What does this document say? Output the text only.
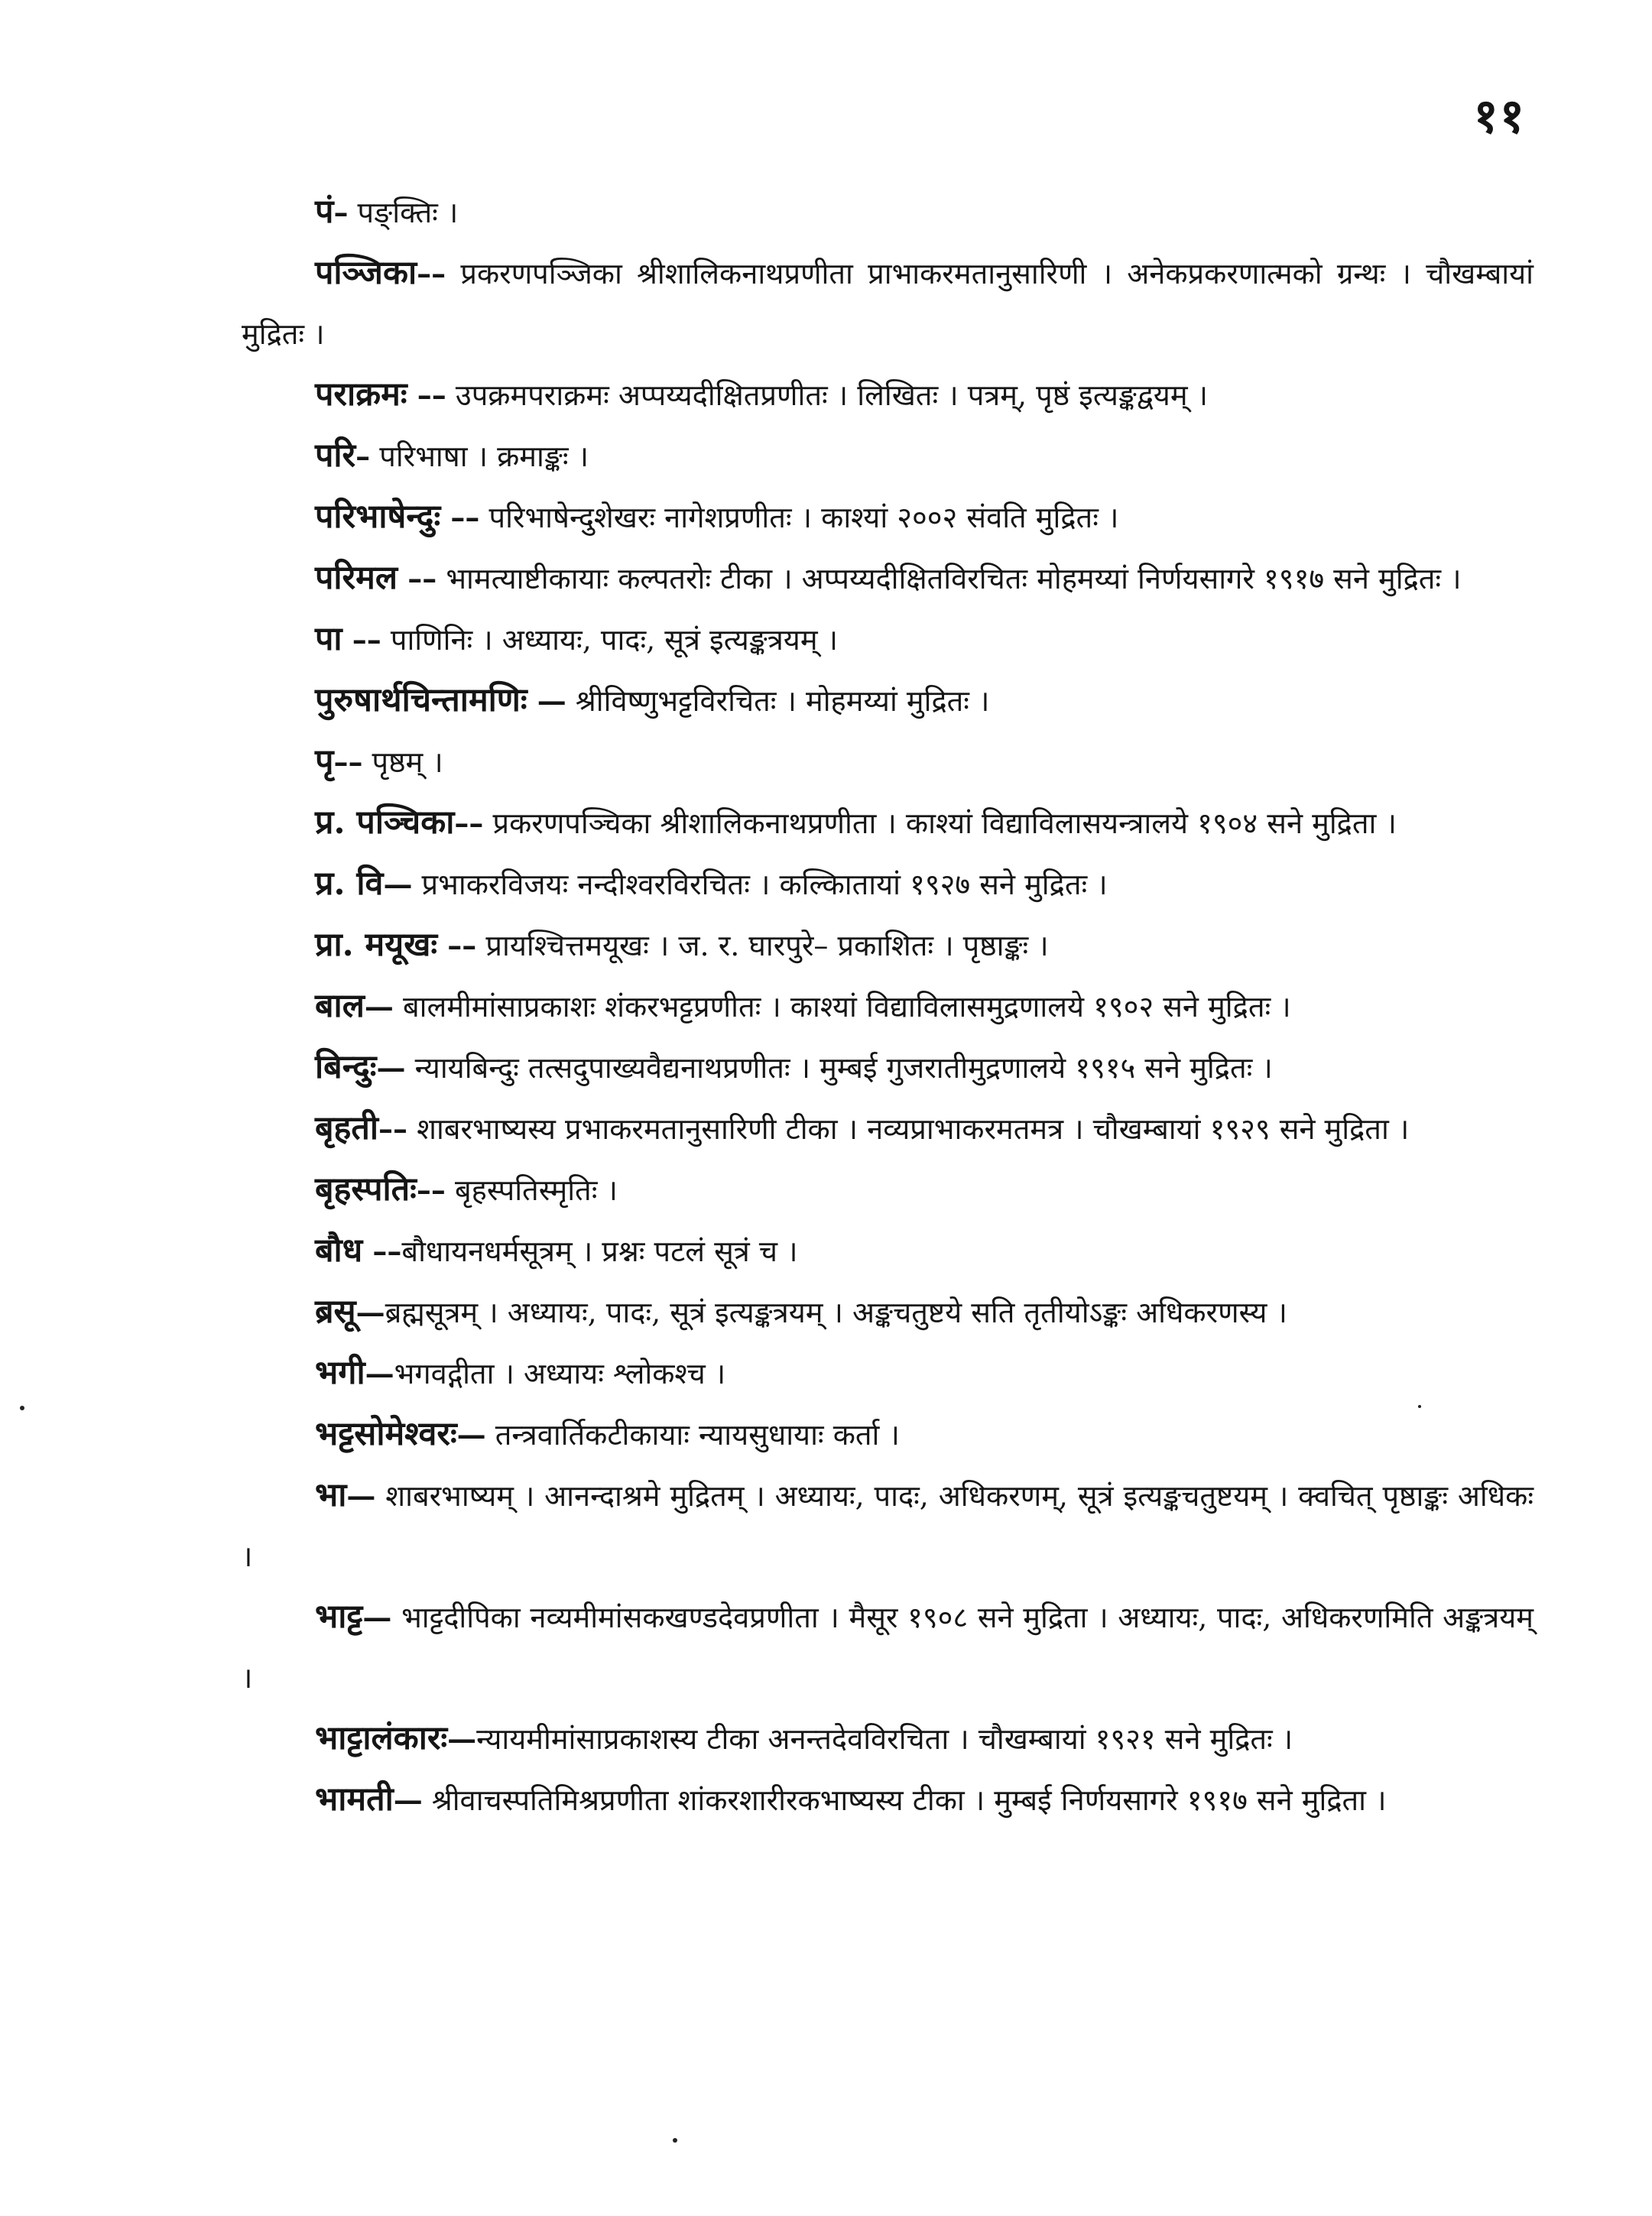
११
पं– पङ्क्तिः ।
पञ्जिका–– प्रकरणपञ्जिका श्रीशालिकनाथप्रणीता प्राभाकरमतानुसारिणी । अनेकप्रकरणात्मको ग्रन्थः । चौखम्बायां मुद्रितः ।
पराक्रमः –– उपक्रमपराक्रमः अप्पय्यदीक्षितप्रणीतः । लिखितः । पत्रम्, पृष्ठं इत्यङ्कद्वयम् ।
परि– परिभाषा । क्रमाङ्कः ।
परिभाषेन्दुः –– परिभाषेन्दुशेखरः नागेशप्रणीतः । काश्यां २००२ संवति मुद्रितः ।
परिमल –– भामत्याष्टीकायाः कल्पतरोः टीका । अप्पय्यदीक्षितविरचितः मोहमय्यां निर्णयसागरे १९१७ सने मुद्रितः ।
पा –– पाणिनिः । अध्यायः, पादः, सूत्रं इत्यङ्कत्रयम् ।
पुरुषार्थचिन्तामणिः — श्रीविष्णुभट्टविरचितः । मोहमय्यां मुद्रितः ।
पृ–– पृष्ठम् ।
प्र. पञ्चिका–– प्रकरणपञ्चिका श्रीशालिकनाथप्रणीता । काश्यां विद्याविलासयन्त्रालये १९०४ सने मुद्रिता ।
प्र. वि— प्रभाकरविजयः नन्दीश्वरविरचितः । कल्किातायां १९२७ सने मुद्रितः ।
प्रा. मयूखः –– प्रायश्चित्तमयूखः । ज. र. घारपुरे– प्रकाशितः । पृष्ठाङ्कः ।
बाल— बालमीमांसाप्रकाशः शंकरभट्टप्रणीतः । काश्यां विद्याविलासमुद्रणालये १९०२ सने मुद्रितः ।
बिन्दुः— न्यायबिन्दुः तत्सदुपाख्यवैद्यनाथप्रणीतः । मुम्बई गुजरातीमुद्रणालये १९१५ सने मुद्रितः ।
बृहती–– शाबरभाष्यस्य प्रभाकरमतानुसारिणी टीका । नव्यप्राभाकरमतमत्र । चौखम्बायां १९२९ सने मुद्रिता ।
बृहस्पतिः–– बृहस्पतिस्मृतिः ।
बौध ––बौधायनधर्मसूत्रम् । प्रश्नः पटलं सूत्रं च ।
ब्रसू—ब्रह्मसूत्रम् । अध्यायः, पादः, सूत्रं इत्यङ्कत्रयम् । अङ्कचतुष्टये सति तृतीयोऽङ्कः अधिकरणस्य ।
भगी—भगवद्गीता । अध्यायः श्लोकश्च ।
भट्टसोमेश्वरः— तन्त्रवार्तिकटीकायाः न्यायसुधायाः कर्ता ।
भा— शाबरभाष्यम् । आनन्दाश्रमे मुद्रितम् । अध्यायः, पादः, अधिकरणम्, सूत्रं इत्यङ्कचतुष्टयम् । क्वचित् पृष्ठाङ्कः अधिकः ।
भाट्ट— भाट्टदीपिका नव्यमीमांसकखण्डदेवप्रणीता । मैसूर १९०८ सने मुद्रिता । अध्यायः, पादः, अधिकरणमिति अङ्कत्रयम् ।
भाट्टालंकारः—न्यायमीमांसाप्रकाशस्य टीका अनन्तदेवविरचिता । चौखम्बायां १९२१ सने मुद्रितः ।
भामती— श्रीवाचस्पतिमिश्रप्रणीता शांकरशारीरकभाष्यस्य टीका । मुम्बई निर्णयसागरे १९१७ सने मुद्रिता ।
